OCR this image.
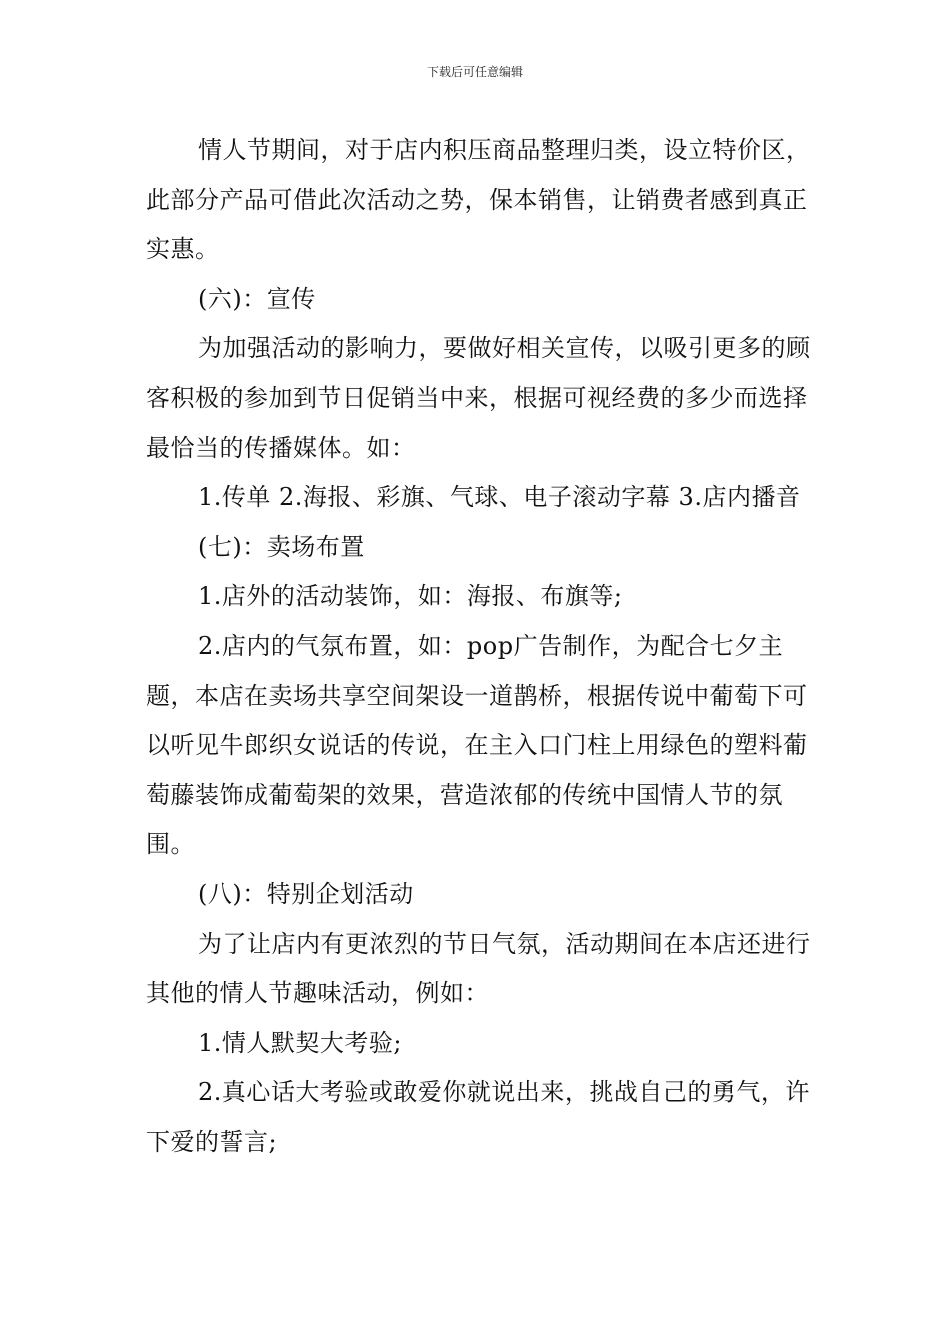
下载后可任意编辑

情人节期间，对于店内积压商品整理归类，设立特价区，此部分产品可借此次活动之势，保本销售，让销费者感到真正实惠。

(六)：宣传

为加强活动的影响力，要做好相关宣传，以吸引更多的顾客积极的参加到节日促销当中来，根据可视经费的多少而选择最恰当的传播媒体。如：

1.传单 2.海报、彩旗、气球、电子滚动字幕 3.店内播音

(七)：卖场布置

1.店外的活动装饰，如：海报、布旗等;

2.店内的气氛布置，如：pop广告制作，为配合七夕主题，本店在卖场共享空间架设一道鹊桥，根据传说中葡萄下可以听见牛郎织女说话的传说，在主入口门柱上用绿色的塑料葡萄藤装饰成葡萄架的效果，营造浓郁的传统中国情人节的氛围。

(八)：特别企划活动

为了让店内有更浓烈的节日气氛，活动期间在本店还进行其他的情人节趣味活动，例如：

1.情人默契大考验;

2.真心话大考验或敢爱你就说出来，挑战自己的勇气，许下爱的誓言;
